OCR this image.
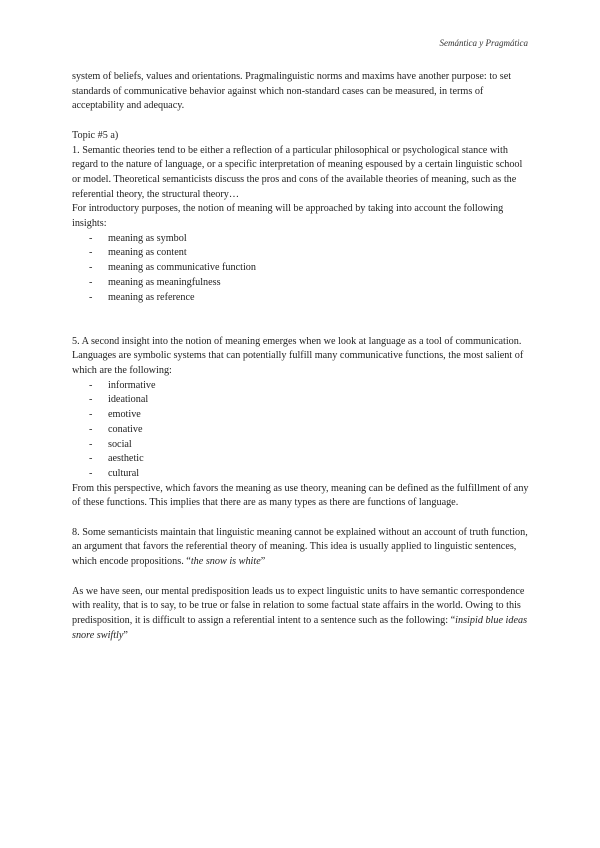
Semántica y Pragmática

system of beliefs, values and orientations. Pragmalinguistic norms and maxims have another purpose: to set standards of communicative behavior against which non-standard cases can be measured, in terms of acceptability and adequacy.

Topic #5 a)

1. Semantic theories tend to be either a reflection of a particular philosophical or psychological stance with regard to the nature of language, or a specific interpretation of meaning espoused by a certain linguistic school or model. Theoretical semanticists discuss the pros and cons of the available theories of meaning, such as the referential theory, the structural theory…

For introductory purposes, the notion of meaning will be approached by taking into account the following insights:

- meaning as symbol
- meaning as content
- meaning as communicative function
- meaning as meaningfulness
- meaning as reference

5. A second insight into the notion of meaning emerges when we look at language as a tool of communication. Languages are symbolic systems that can potentially fulfill many communicative functions, the most salient of which are the following:

- informative
- ideational
- emotive
- conative
- social
- aesthetic
- cultural

From this perspective, which favors the meaning as use theory, meaning can be defined as the fulfillment of any of these functions. This implies that there are as many types as there are functions of language.

8. Some semanticists maintain that linguistic meaning cannot be explained without an account of truth function, an argument that favors the referential theory of meaning. This idea is usually applied to linguistic sentences, which encode propositions. “the snow is white”

As we have seen, our mental predisposition leads us to expect linguistic units to have semantic correspondence with reality, that is to say, to be true or false in relation to some factual state affairs in the world. Owing to this predisposition, it is difficult to assign a referential intent to a sentence such as the following: “insipid blue ideas snore swiftly”
